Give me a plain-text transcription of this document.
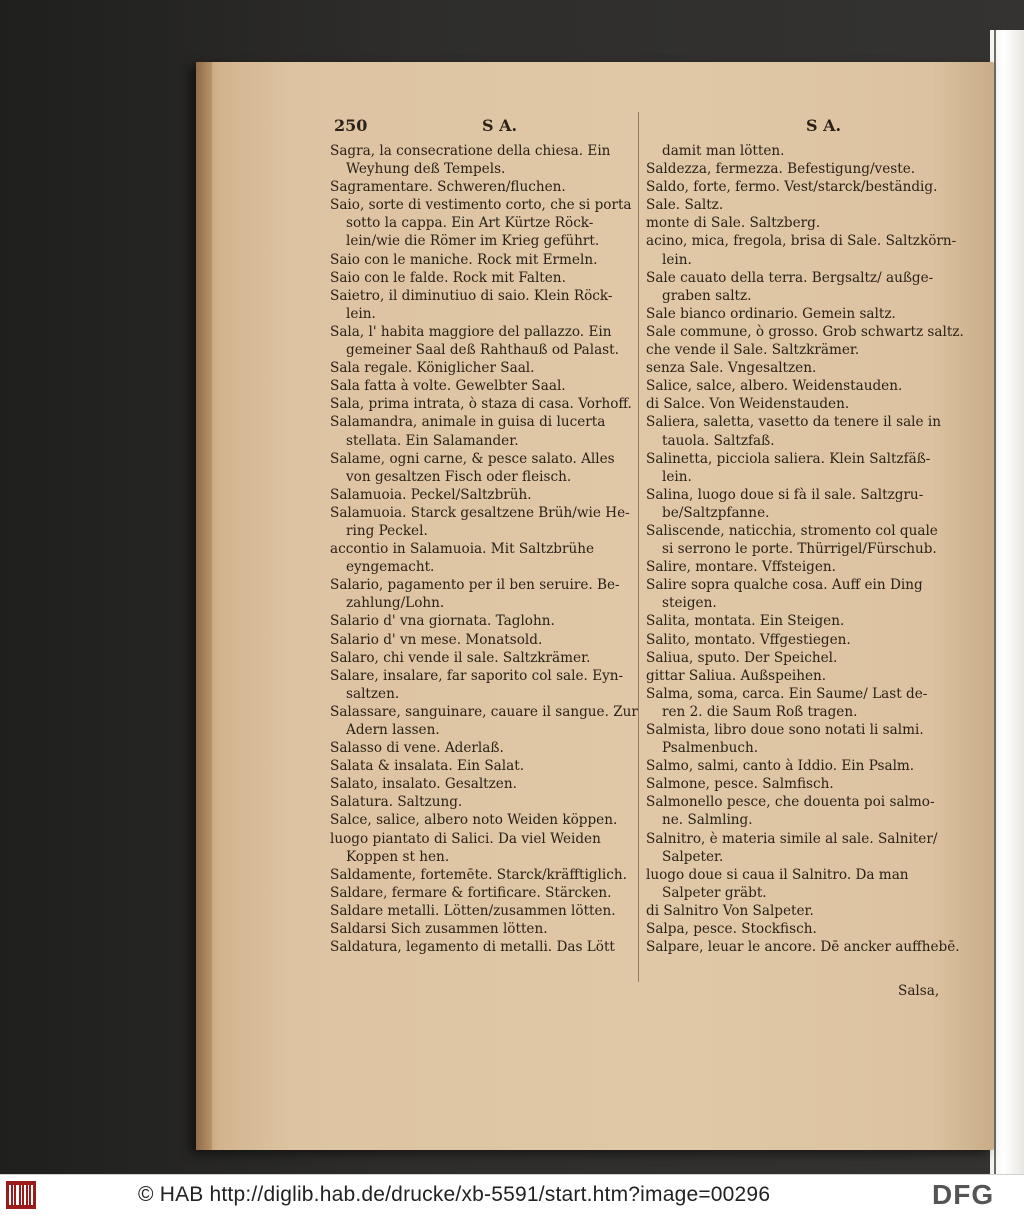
250	S A.	S A.
Sagra, la consecratione della chiesa. Ein
Weyhung deß Tempels.
Sagramentare. Schweren/fluchen.
Saio, sorte di vestimento corto, che si porta
sotto la cappa. Ein Art Kürtze Röck-
lein/wie die Römer im Krieg geführt.
Saio con le maniche. Rock mit Ermeln.
Saio con le falde. Rock mit Falten.
Saietro, il diminutiuo di saio. Klein Röck-
lein.
Sala, l' habita maggiore del pallazzo. Ein
gemeiner Saal deß Rahthauß od Palast.
Sala regale. Königlicher Saal.
Sala fatta à volte. Gewelbter Saal.
Sala, prima intrata, ò staza di casa. Vorhoff.
Salamandra, animale in guisa di lucerta
stellata. Ein Salamander.
Salame, ogni carne, & pesce salato. Alles
von gesaltzen Fisch oder fleisch.
Salamuoia. Peckel/Saltzbrüh.
Salamuoia. Starck gesaltzene Brüh/wie He-
ring Peckel.
accontio in Salamuoia. Mit Saltzbrühe
eyngemacht.
Salario, pagamento per il ben seruire. Be-
zahlung/Lohn.
Salario d' vna giornata. Taglohn.
Salario d' vn mese. Monatsold.
Salaro, chi vende il sale. Saltzkrämer.
Salare, insalare, far saporito col sale. Eyn-
saltzen.
Salassare, sanguinare, cauare il sangue. Zur
Adern lassen.
Salasso di vene. Aderlaß.
Salata & insalata. Ein Salat.
Salato, insalato. Gesaltzen.
Salatura. Saltzung.
Salce, salice, albero noto Weiden köppen.
luogo piantato di Salici. Da viel Weiden
Koppen st hen.
Saldamente, fortemēte. Starck/kräfftiglich.
Saldare, fermare & fortificare. Stärcken.
Saldare metalli. Lötten/zusammen lötten.
Saldarsi Sich zusammen lötten.
Saldatura, legamento di metalli. Das Lött
damit man lötten.
Saldezza, fermezza. Befestigung/veste.
Saldo, forte, fermo. Vest/starck/beständig.
Sale. Saltz.
monte di Sale. Saltzberg.
acino, mica, fregola, brisa di Sale. Saltzkörn-
lein.
Sale cauato della terra. Bergsaltz/ außge-
graben saltz.
Sale bianco ordinario. Gemein saltz.
Sale commune, ò grosso. Grob schwartz saltz.
che vende il Sale. Saltzkrämer.
senza Sale. Vngesaltzen.
Salice, salce, albero. Weidenstauden.
di Salce. Von Weidenstauden.
Saliera, saletta, vasetto da tenere il sale in
tauola. Saltzfaß.
Salinetta, picciola saliera. Klein Saltzfäß-
lein.
Salina, luogo doue si fà il sale. Saltzgru-
be/Saltzpfanne.
Saliscende, naticchia, stromento col quale
si serrono le porte. Thürrigel/Fürschub.
Salire, montare. Vffsteigen.
Salire sopra qualche cosa. Auff ein Ding
steigen.
Salita, montata. Ein Steigen.
Salito, montato. Vffgestiegen.
Saliua, sputo. Der Speichel.
gittar Saliua. Außspeihen.
Salma, soma, carca. Ein Saume/ Last de-
ren 2. die Saum Roß tragen.
Salmista, libro doue sono notati li salmi.
Psalmenbuch.
Salmo, salmi, canto à Iddio. Ein Psalm.
Salmone, pesce. Salmfisch.
Salmonello pesce, che douenta poi salmo-
ne. Salmling.
Salnitro, è materia simile al sale. Salniter/
Salpeter.
luogo doue si caua il Salnitro. Da man
Salpeter gräbt.
di Salnitro Von Salpeter.
Salpa, pesce. Stockfisch.
Salpare, leuar le ancore. Dē ancker auffhebē.
Salsa,
© HAB http://diglib.hab.de/drucke/xb-5591/start.htm?image=00296	DFG
